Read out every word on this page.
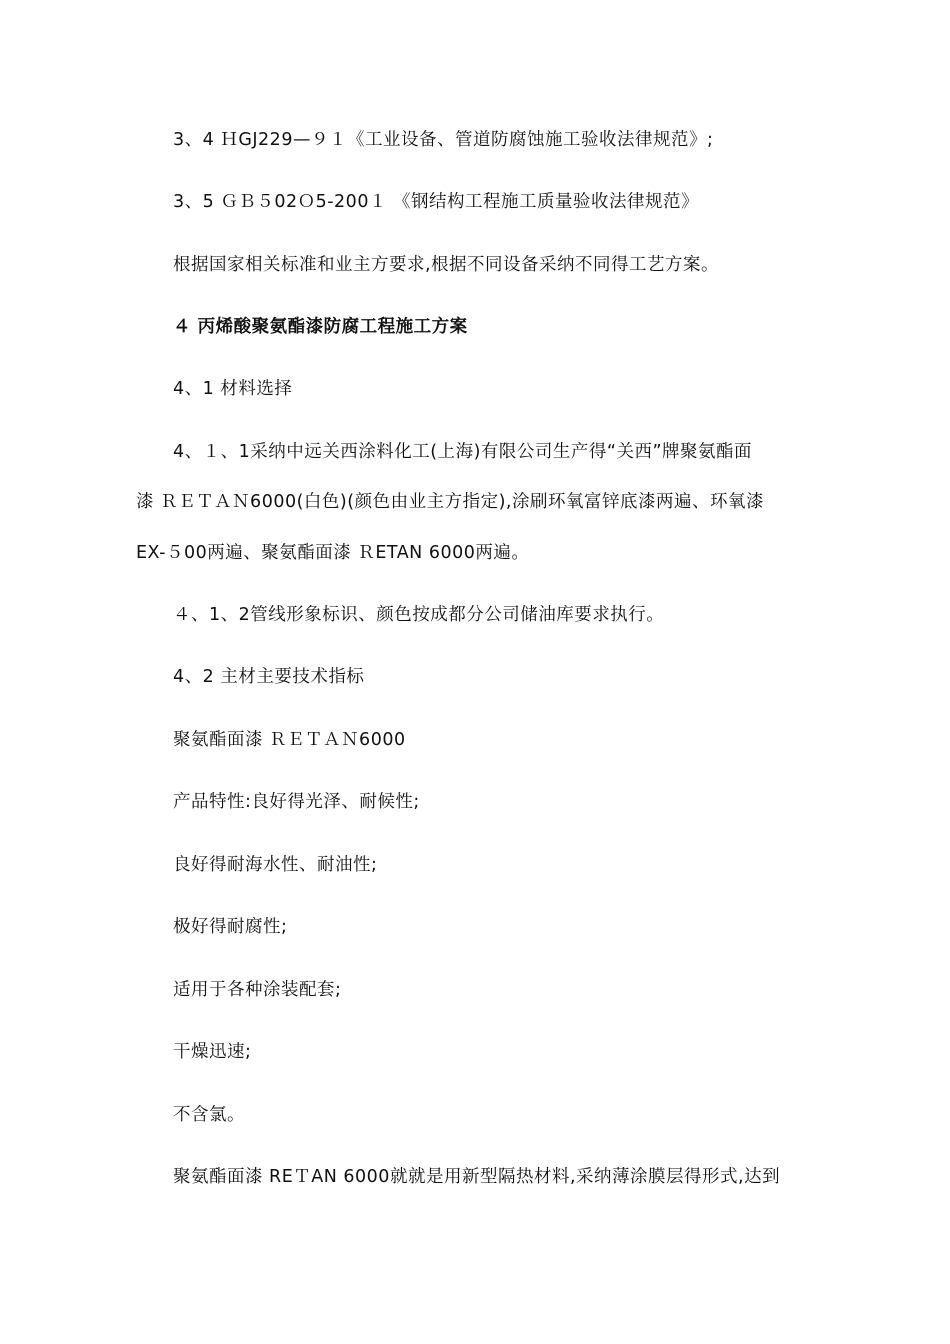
3、4 ＨGJ229—９１《工业设备、管道防腐蚀施工验收法律规范》;
3、5 ＧＢ５02Ｏ5-200１ 《钢结构工程施工质量验收法律规范》
根据国家相关标准和业主方要求,根据不同设备采纳不同得工艺方案。
４ 丙烯酸聚氨酯漆防腐工程施工方案
4、1 材料选择
4、１、1采纳中远关西涂料化工(上海)有限公司生产得“关西”牌聚氨酯面
漆 ＲＥＴＡＮ6000(白色)(颜色由业主方指定),涂刷环氧富锌底漆两遍、环氧漆
EX-５00两遍、聚氨酯面漆 ＲETAN 6000两遍。
４、1、2管线形象标识、颜色按成都分公司储油库要求执行。
4、2 主材主要技术指标
聚氨酯面漆 ＲＥＴＡＮ6000
产品特性:良好得光泽、耐候性;
良好得耐海水性、耐油性;
极好得耐腐性;
适用于各种涂装配套;
干燥迅速;
不含氯。
聚氨酯面漆 REＴAN 6000就就是用新型隔热材料,采纳薄涂膜层得形式,达到
